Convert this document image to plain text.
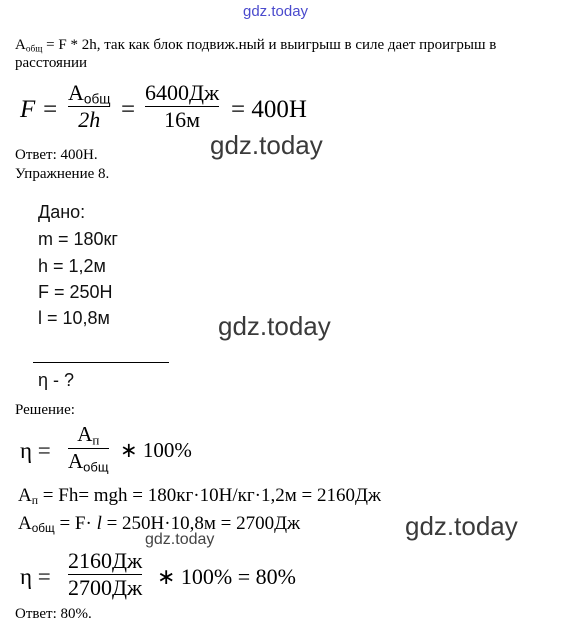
gdz.today
gdz.today
gdz.today
gdz.today
gdz.today
$A_{общ} = F * 2h$, так как блок подвиж.ный и выигрыш в силе дает проигрыш в
расстоянии
F =
$A_{общ}$
2h =
6400Дж
16м = 400Н
Ответ: 400Н.
Упражнение 8.
Дано:
m = 180кг
h = 1,2м
F = 250Н
l = 10,8м
η - ?
Решение:
η =
$A_п$
$A_{общ}$
∗ 100%
$A_п = Fh=$ mgh = 180кг·10Н/кг·1,2м = 2160Дж
$A_{общ} = F\cdot l = 250Н\cdot 10,8м = 2700Дж$
η =
2160Дж
2700Дж ∗ 100% = 80%
Ответ: 80%.
